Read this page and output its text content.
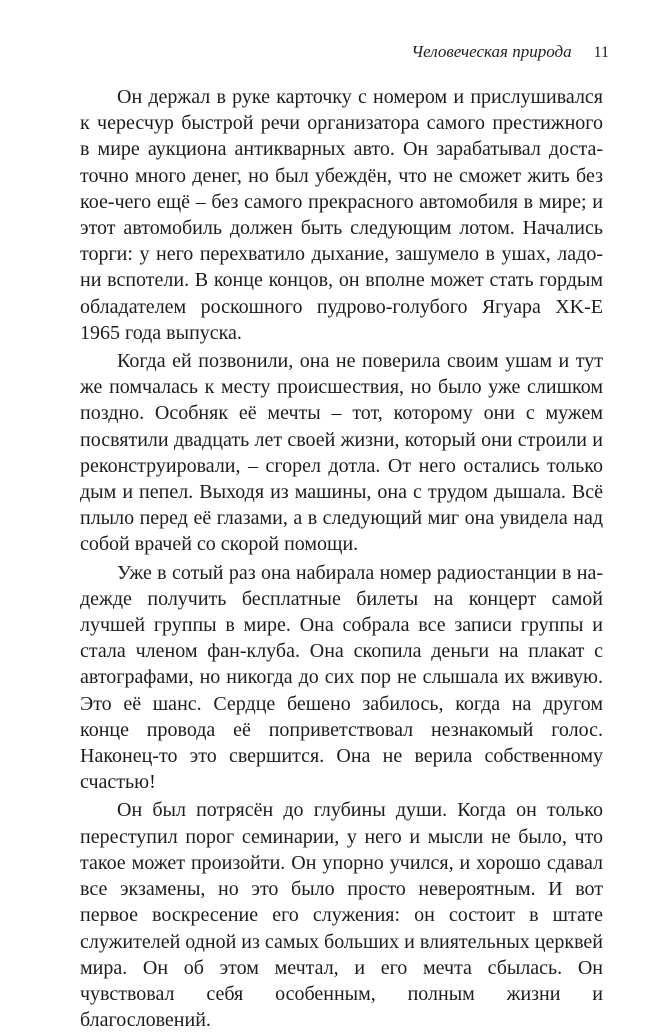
Человеческая природа 11

Он держал в руке карточку с номером и прислушивался к чересчур быстрой речи организатора самого престижного в мире аукциона антикварных авто. Он зарабатывал достаточно много денег, но был убеждён, что не сможет жить без кое-чего ещё – без самого прекрасного автомобиля в мире; и этот автомобиль должен быть следующим лотом. Начались торги: у него перехватило дыхание, зашумело в ушах, ладони вспотели. В конце концов, он вполне может стать гордым обладателем роскошного пудрово-голубого Ягуара XK-E 1965 года выпуска.

Когда ей позвонили, она не поверила своим ушам и тут же помчалась к месту происшествия, но было уже слишком поздно. Особняк её мечты – тот, которому они с мужем посвятили двадцать лет своей жизни, который они строили и реконструировали, – сгорел дотла. От него остались только дым и пепел. Выходя из машины, она с трудом дышала. Всё плыло перед её глазами, а в следующий миг она увидела над собой врачей со скорой помощи.

Уже в сотый раз она набирала номер радиостанции в надежде получить бесплатные билеты на концерт самой лучшей группы в мире. Она собрала все записи группы и стала членом фан-клуба. Она скопила деньги на плакат с автографами, но никогда до сих пор не слышала их вживую. Это её шанс. Сердце бешено забилось, когда на другом конце провода её поприветствовал незнакомый голос. Наконец-то это свершится. Она не верила собственному счастью!

Он был потрясён до глубины души. Когда он только переступил порог семинарии, у него и мысли не было, что такое может произойти. Он упорно учился, и хорошо сдавал все экзамены, но это было просто невероятным. И вот первое воскресение его служения: он состоит в штате служителей одной из самых больших и влиятельных церквей мира. Он об этом мечтал, и его мечта сбылась. Он чувствовал себя особенным, полным жизни и благословений.
